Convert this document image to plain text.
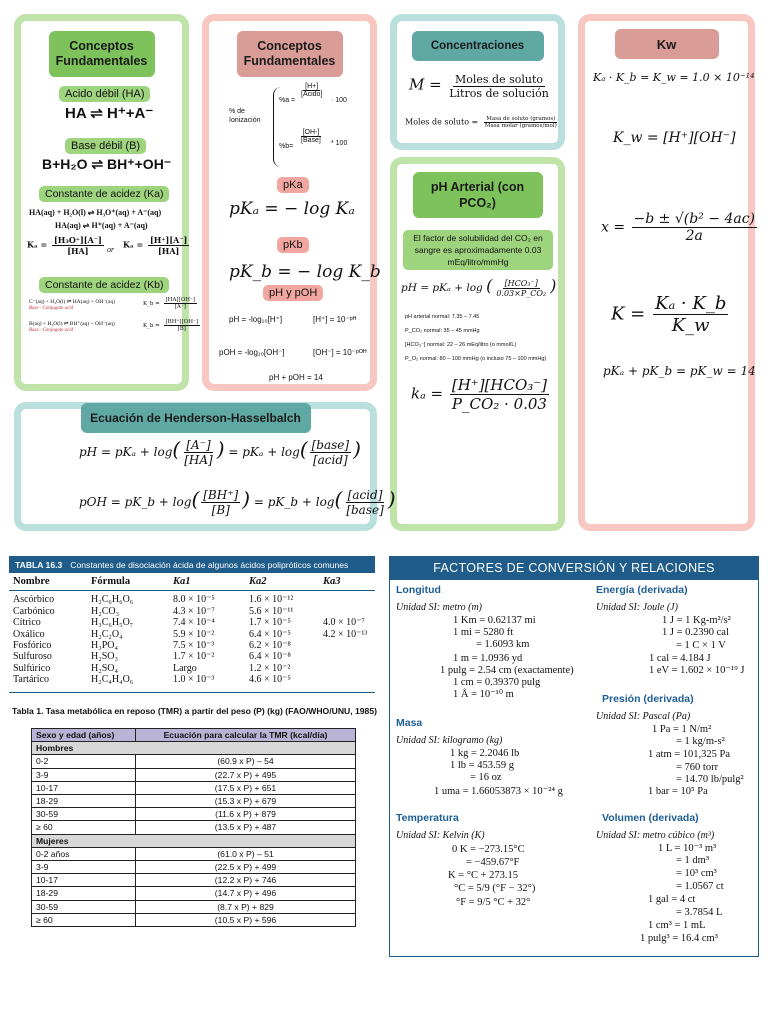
Conceptos Fundamentales
Acido débil (HA)
HA ⇌ H⁺+A⁻
Base débil (B)
B+H₂O ⇌ BH⁺+OH⁻
Constante de acidez (Ka)
HA(aq) + H₂O(l) ⇌ H₃O⁺(aq) + A⁻(aq)
HA(aq) ⇌ H⁺(aq) + A⁻(aq)
$K_a = \frac{\text{[H₃O⁺][A⁻]}}{[HA]}$ or $K_a = \frac{[H^+][A^-]}{[HA]}$
Constante de acidez (Kb)
C⁻(aq) + H₂O(l) ⇌ HA(aq) + OH⁻(aq)
Base · Conjugate acid
K_b = $\frac{[HA][OH^-]}{[A^-]}$
B(aq) + H₂O(l) ⇌ BH⁺(aq) + OH⁻(aq)
Base · Conjugate acid
K_b = $\frac{[BH^+][OH^-]}{[B]}$
Conceptos Fundamentales
% de Ionización
%a =
$\frac{[H+]}{\text{[Acido]}}$
· 100
%b=
$\frac{[OH-]}{\text{[Base]}} * 100$
pKa
pKₐ = − log Kₐ
pKb
pK_b = − log K_b
pH y pOH
pH = -log₁₀[H⁺]	[H⁺] = 10⁻ᵖᴴ
pOH = -log₁₀[OH⁻]	[OH⁻] = 10⁻ᵖᴼᴴ
pH + pOH = 14
Concentraciones
$M = \frac{\text{Moles de soluto}}{\text{Litros de solución}}$
Moles de soluto = $\frac{\text{Masa de soluto (gramos)}}{\text{Masa molar (gramos/mol)}}$
Kw
Kₐ · K_b = K_w = 1.0 × 10⁻¹⁴
K_w = [H⁺][OH⁻]
$x = \frac{\text{−b ± √(b² − 4ac)}}{2a}$
$K = \frac{\text{Kₐ · K\_b}}{K\_w}$
pKₐ + pK_b = pK_w = 14
pH Arterial (con PCO₂)
El factor de solubilidad del CO₂ en sangre es aproximadamente 0.03 mEq/litro/mmHg
pH = pKₐ + log ( $\frac{\text{[HCO₃⁻]}}{\text{0.03×P\_CO₂}}$ )
pH arterial normal: 7.35 – 7.45
P_CO₂ normal: 35 – 45 mmHg
[HCO₃⁻] normal: 22 – 26 mEq/litro (o mmol/L)
P_O₂ normal: 80 – 100 mmHg (o incluso 75 – 100 mmHg)
$k_a = \frac{\text{[H⁺][HCO₃⁻]}}{\text{P\_CO₂ · 0.03}}$
Ecuación de Henderson-Hasselbalch
pH = $pK_a + \log( \frac{[A^-]}{[HA]}$ ) = $pK_a + \log( \frac{\text{[base]}}{\text{[acid]}}$ )
pOH = pK_b + $\log( \frac{[BH^+]}{[B]}$ ) = pK_b + $\log( \frac{\text{[acid]}}{\text{[base]}}$ )
TABLA 16.3 Constantes de disociación ácida de algunos ácidos polipróticos comunes
Nombre	Fórmula	Ka1	Ka2	Ka3
Ascórbico	H₂C₆H₆O₆	8.0 × 10⁻⁵	1.6 × 10⁻¹²	
Carbónico	H₂CO₃	4.3 × 10⁻⁷	5.6 × 10⁻¹¹	
Cítrico	H₃C₆H₅O₇	7.4 × 10⁻⁴	1.7 × 10⁻⁵	4.0 × 10⁻⁷
Oxálico	H₂C₂O₄	5.9 × 10⁻²	6.4 × 10⁻⁵	4.2 × 10⁻¹³
Fosfórico	H₃PO₄	7.5 × 10⁻³	6.2 × 10⁻⁸	
Sulfuroso	H₂SO₃	1.7 × 10⁻²	6.4 × 10⁻⁸	
Sulfúrico	H₂SO₄	Largo	1.2 × 10⁻²	
Tartárico	H₂C₄H₄O₆	1.0 × 10⁻³	4.6 × 10⁻⁵	
Tabla 1. Tasa metabólica en reposo (TMR) a partir del peso (P) (kg) (FAO/WHO/UNU, 1985)
Sexo y edad (años)	Ecuación para calcular la TMR (kcal/día)
Hombres	
0-2	(60.9 x P) – 54
3-9	(22.7 x P) + 495
10-17	(17.5 x P) + 651
18-29	(15.3 x P) + 679
30-59	(11.6 x P) + 879
≥ 60	(13.5 x P) + 487
Mujeres	
0-2 años	(61.0 x P) – 51
3-9	(22.5 x P) + 499
10-17	(12.2 x P) + 746
18-29	(14.7 x P) + 496
30-59	(8.7 x P) + 829
≥ 60	(10.5 x P) + 596
FACTORES DE CONVERSIÓN Y RELACIONES
Longitud
Unidad SI: metro (m)
1 Km = 0.62137 mi
1 mi = 5280 ft
= 1.6093 km
1 m = 1.0936 yd
1 pulg = 2.54 cm (exactamente)
1 cm = 0.39370 pulg
1 Å = 10⁻¹⁰ m
Masa
Unidad SI: kilogramo (kg)
1 kg = 2.2046 lb
1 lb = 453.59 g
= 16 oz
1 uma = 1.66053873 × 10⁻²⁴ g
Temperatura
Unidad SI: Kelvin (K)
0 K = −273.15°C
= −459.67°F
K = °C + 273.15
°C = 5/9 (°F − 32°)
°F = 9/5 °C + 32°
Energía (derivada)
Unidad SI: Joule (J)
1 J = 1 Kg-m²/s²
1 J = 0.2390 cal
= 1 C × 1 V
1 cal = 4.184 J
1 eV = 1.602 × 10⁻¹⁹ J
Presión (derivada)
Unidad SI: Pascal (Pa)
1 Pa = 1 N/m²
= 1 kg/m-s²
1 atm = 101,325 Pa
= 760 torr
= 14.70 lb/pulg²
1 bar = 10⁵ Pa
Volumen (derivada)
Unidad SI: metro cúbico (m³)
1 L = 10⁻³ m³
= 1 dm³
= 10³ cm³
= 1.0567 ct
1 gal = 4 ct
= 3.7854 L
1 cm³ = 1 mL
1 pulg³ = 16.4 cm³
